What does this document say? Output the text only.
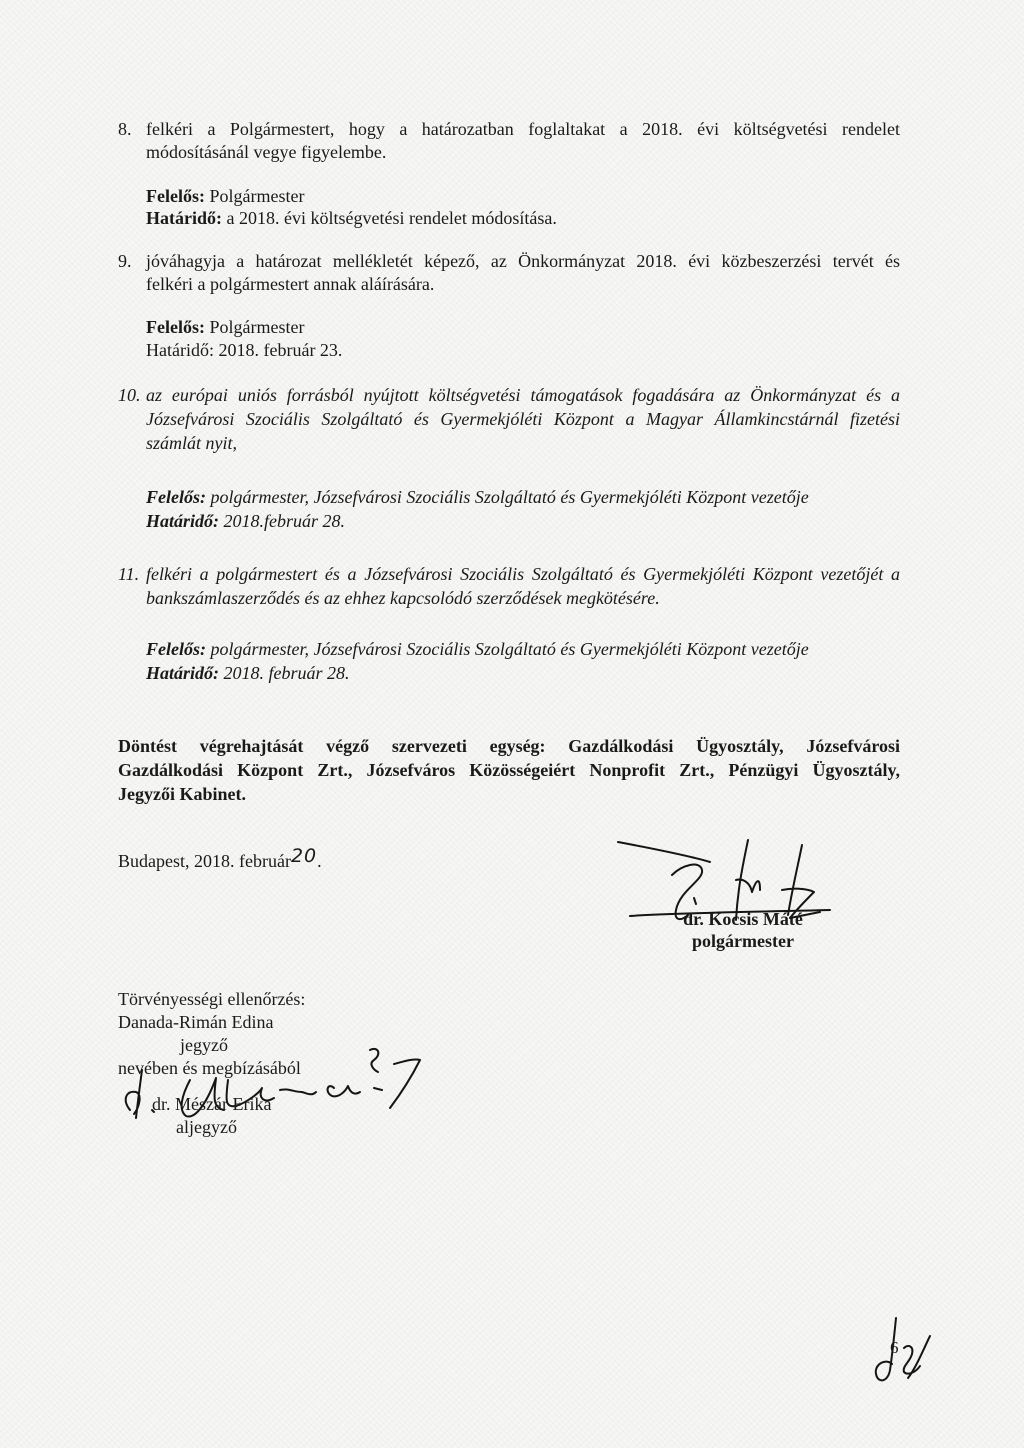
8. felkéri a Polgármestert, hogy a határozatban foglaltakat a 2018. évi költségvetési rendelet
módosításánál vegye figyelembe.
Felelős: Polgármester
Határidő: a 2018. évi költségvetési rendelet módosítása.
9. jóváhagyja a határozat mellékletét képező, az Önkormányzat 2018. évi közbeszerzési tervét és
felkéri a polgármestert annak aláírására.
Felelős: Polgármester
Határidő: 2018. február 23.
10. az európai uniós forrásból nyújtott költségvetési támogatások fogadására az Önkormányzat és a
Józsefvárosi Szociális Szolgáltató és Gyermekjóléti Központ a Magyar Államkincstárnál fizetési
számlát nyit,
Felelős: polgármester, Józsefvárosi Szociális Szolgáltató és Gyermekjóléti Központ vezetője
Határidő: 2018.február 28.
11. felkéri a polgármestert és a Józsefvárosi Szociális Szolgáltató és Gyermekjóléti Központ vezetőjét a
bankszámlaszerződés és az ehhez kapcsolódó szerződések megkötésére.
Felelős: polgármester, Józsefvárosi Szociális Szolgáltató és Gyermekjóléti Központ vezetője
Határidő: 2018. február 28.
Döntést végrehajtását végző szervezeti egység: Gazdálkodási Ügyosztály, Józsefvárosi
Gazdálkodási Központ Zrt., Józsefváros Közösségeiért Nonprofit Zrt., Pénzügyi Ügyosztály,
Jegyzői Kabinet.
Budapest, 2018. február20.
dr. Kocsis Máté
polgármester
Törvényességi ellenőrzés:
Danada-Rimán Edina
jegyző
nevében és megbízásából
dr. Mészár Erika
aljegyző
6
